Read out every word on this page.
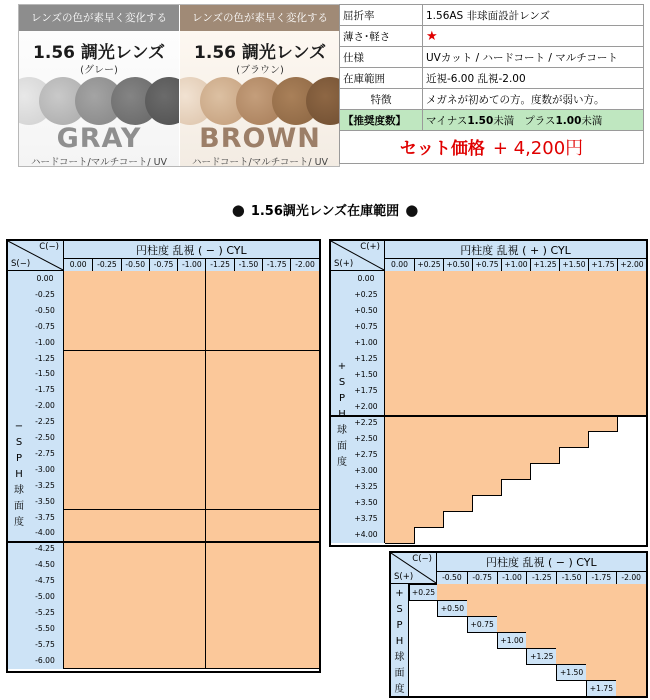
レンズの色が素早く変化する
1.56 調光レンズ
(グレー)
GRAY
ハードコート/マルチコート/ UV
レンズの色が素早く変化する
1.56 調光レンズ
(ブラウン)
BROWN
ハードコート/マルチコート/ UV
屈折率	1.56AS 非球面設計レンズ
薄さ･軽さ	★
仕様	UVカット / ハードコート / マルチコート
在庫範囲	近視-6.00 乱視-2.00
特徴	メガネが初めての方。度数が弱い方。
【推奨度数】	マイナス1.50未満 プラス1.00未満
セット価格 + 4,200円	
● 1.56調光レンズ在庫範囲 ●
C(−)
S(−)
円柱度 乱視 ( − ) CYL
0.00	-0.25	-0.50	-0.75	-1.00	-1.25	-1.50	-1.75	-2.00
−
S
P
H
球
面
度
0.00
-0.25
-0.50
-0.75
-1.00
-1.25
-1.50
-1.75
-2.00
-2.25
-2.50
-2.75
-3.00
-3.25
-3.50
-3.75
-4.00
-4.25
-4.50
-4.75
-5.00
-5.25
-5.50
-5.75
-6.00
C(+)
S(+)
円柱度 乱視 ( + ) CYL
0.00	+0.25 +0.50 +0.75 +1.00 +1.25 +1.50 +1.75 +2.00
+
S
P
球
面
度
0.00
+0.25
+0.50
+0.75
+1.00
+1.25
+1.50
+1.75
+2.00
+2.25
+2.50
+2.75
+3.00
+3.25
+3.50
+3.75
+4.00
C(−)
S(+)
円柱度 乱視 ( − ) CYL
-0.50	-0.75	-1.00	-1.25	-1.50	-1.75	-2.00
+
S
P
H
球
面
度
+0.25
+0.50
+0.75
+1.00
+1.25
+1.50
+1.75
